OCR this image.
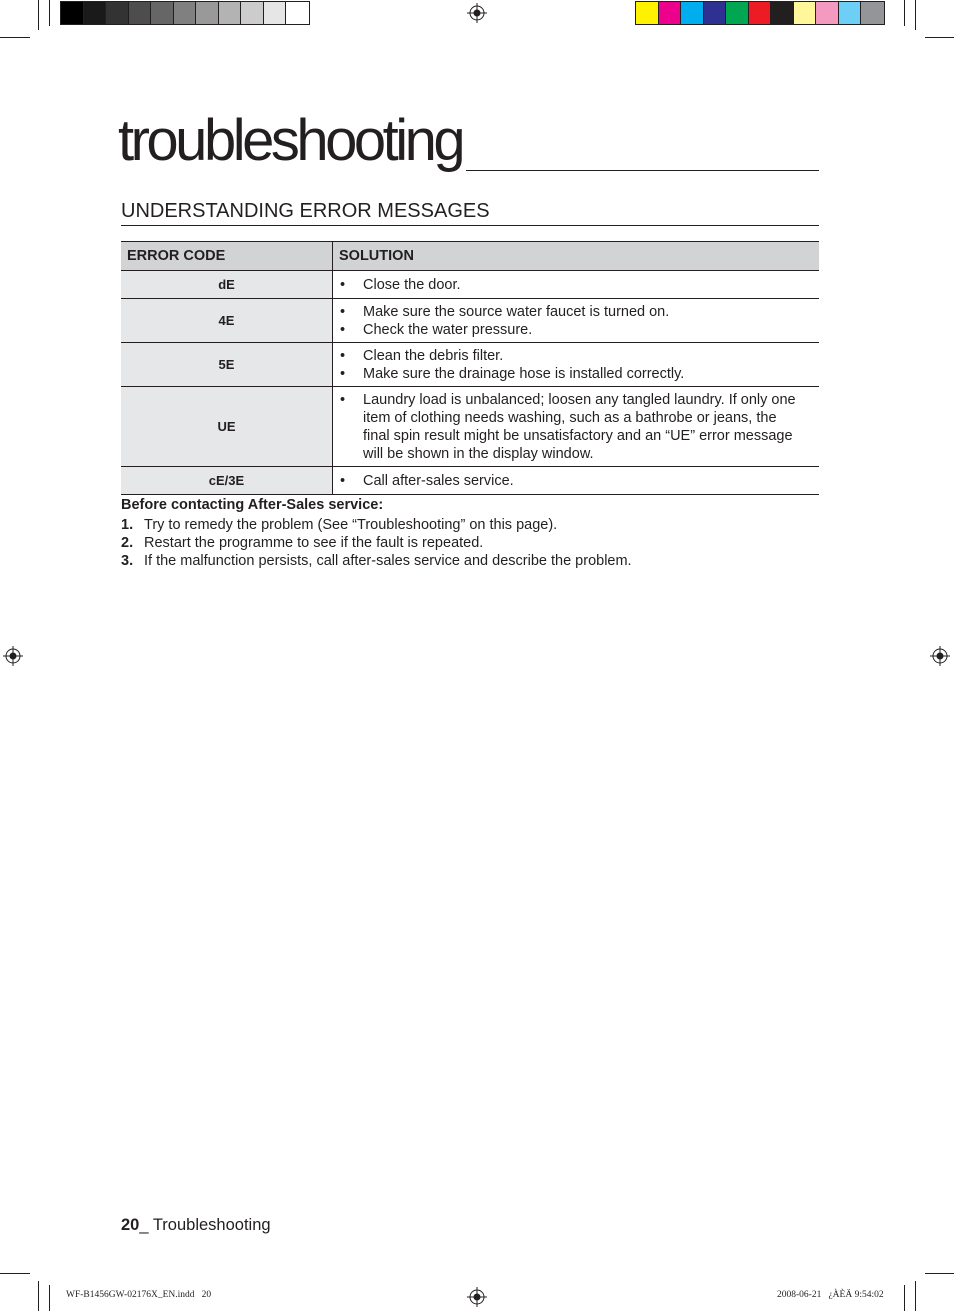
troubleshooting
UNDERSTANDING ERROR MESSAGES
ERROR CODE	SOLUTION
dE	• Close the door.

4E	• Make sure the source water faucet is turned on.
• Check the water pressure.

5E	• Clean the debris filter.
• Make sure the drainage hose is installed correctly.

UE	• Laundry load is unbalanced; loosen any tangled laundry. If only one item of clothing needs washing, such as a bathrobe or jeans, the final spin result might be unsatisfactory and an “UE” error message will be shown in the display window.

cE/3E	• Call after-sales service.
Before contacting After-Sales service:
1. Try to remedy the problem (See “Troubleshooting” on this page).
2. Restart the programme to see if the fault is repeated.
3. If the malfunction persists, call after-sales service and describe the problem.
20_ Troubleshooting
WF-B1456GW-02176X_EN.indd   20	2008-06-21   ¿ÀÈÄ 9:54:02
